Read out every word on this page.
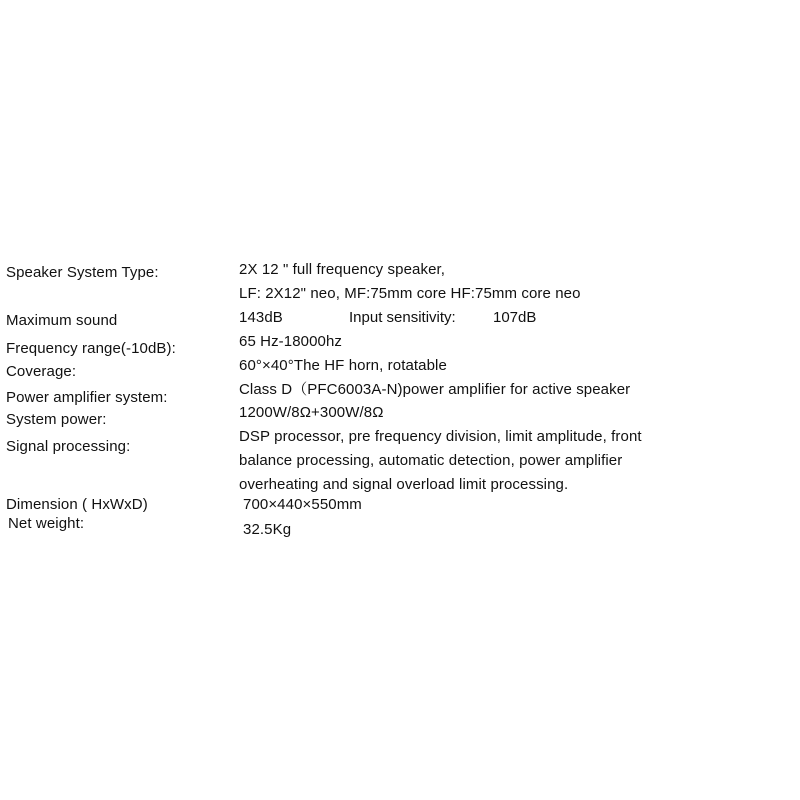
Speaker System Type:	2X 12 " full frequency speaker,
LF: 2X12" neo, MF:75mm core HF:75mm core neo
Maximum sound	143dB	Input sensitivity: 107dB
Frequency range(-10dB):	65 Hz-18000hz
Coverage:	60°×40°The HF horn, rotatable
Power amplifier system:	Class D（PFC6003A-N)power amplifier for active speaker
System power:	1200W/8Ω+300W/8Ω
Signal processing:
DSP processor, pre frequency division, limit amplitude, front
balance processing, automatic detection, power amplifier
overheating and signal overload limit processing.
Dimension ( HxWxD)	700×440×550mm
Net weight:	32.5Kg
